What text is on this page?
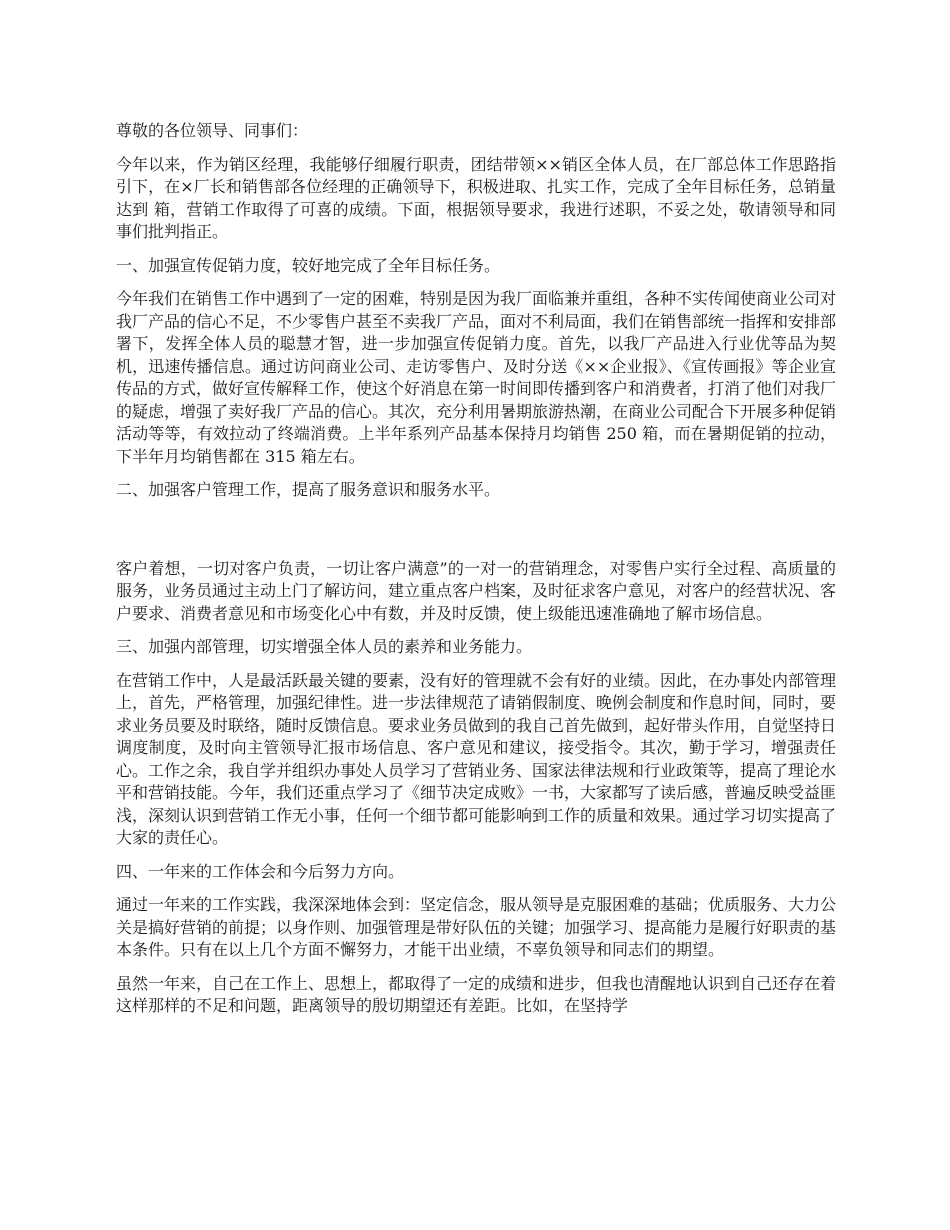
尊敬的各位领导、同事们：

今年以来，作为销区经理，我能够仔细履行职责，团结带领××销区全体人员，在厂部总体工作思路指引下，在×厂长和销售部各位经理的正确领导下，积极进取、扎实工作，完成了全年目标任务，总销量达到 箱，营销工作取得了可喜的成绩。下面，根据领导要求，我进行述职，不妥之处，敬请领导和同事们批判指正。

一、加强宣传促销力度，较好地完成了全年目标任务。

今年我们在销售工作中遇到了一定的困难，特别是因为我厂面临兼并重组，各种不实传闻使商业公司对我厂产品的信心不足，不少零售户甚至不卖我厂产品，面对不利局面，我们在销售部统一指挥和安排部署下，发挥全体人员的聪慧才智，进一步加强宣传促销力度。首先，以我厂产品进入行业优等品为契机，迅速传播信息。通过访问商业公司、走访零售户、及时分送《××企业报》、《宣传画报》等企业宣传品的方式，做好宣传解释工作，使这个好消息在第一时间即传播到客户和消费者，打消了他们对我厂的疑虑，增强了卖好我厂产品的信心。其次，充分利用暑期旅游热潮，在商业公司配合下开展多种促销活动等等，有效拉动了终端消费。上半年系列产品基本保持月均销售 250 箱，而在暑期促销的拉动，下半年月均销售都在 315 箱左右。

二、加强客户管理工作，提高了服务意识和服务水平。

客户着想，一切对客户负责，一切让客户满意”的一对一的营销理念，对零售户实行全过程、高质量的服务，业务员通过主动上门了解访问，建立重点客户档案，及时征求客户意见，对客户的经营状况、客户要求、消费者意见和市场变化心中有数，并及时反馈，使上级能迅速准确地了解市场信息。

三、加强内部管理，切实增强全体人员的素养和业务能力。

在营销工作中，人是最活跃最关键的要素，没有好的管理就不会有好的业绩。因此，在办事处内部管理上，首先，严格管理，加强纪律性。进一步法律规范了请销假制度、晚例会制度和作息时间，同时，要求业务员要及时联络，随时反馈信息。要求业务员做到的我自己首先做到，起好带头作用，自觉坚持日调度制度，及时向主管领导汇报市场信息、客户意见和建议，接受指令。其次，勤于学习，增强责任心。工作之余，我自学并组织办事处人员学习了营销业务、国家法律法规和行业政策等，提高了理论水平和营销技能。今年，我们还重点学习了《细节决定成败》一书，大家都写了读后感，普遍反映受益匪浅，深刻认识到营销工作无小事，任何一个细节都可能影响到工作的质量和效果。通过学习切实提高了大家的责任心。

四、一年来的工作体会和今后努力方向。

通过一年来的工作实践，我深深地体会到：坚定信念，服从领导是克服困难的基础；优质服务、大力公关是搞好营销的前提；以身作则、加强管理是带好队伍的关键；加强学习、提高能力是履行好职责的基本条件。只有在以上几个方面不懈努力，才能干出业绩，不辜负领导和同志们的期望。

虽然一年来，自己在工作上、思想上，都取得了一定的成绩和进步，但我也清醒地认识到自己还存在着这样那样的不足和问题，距离领导的殷切期望还有差距。比如，在坚持学
